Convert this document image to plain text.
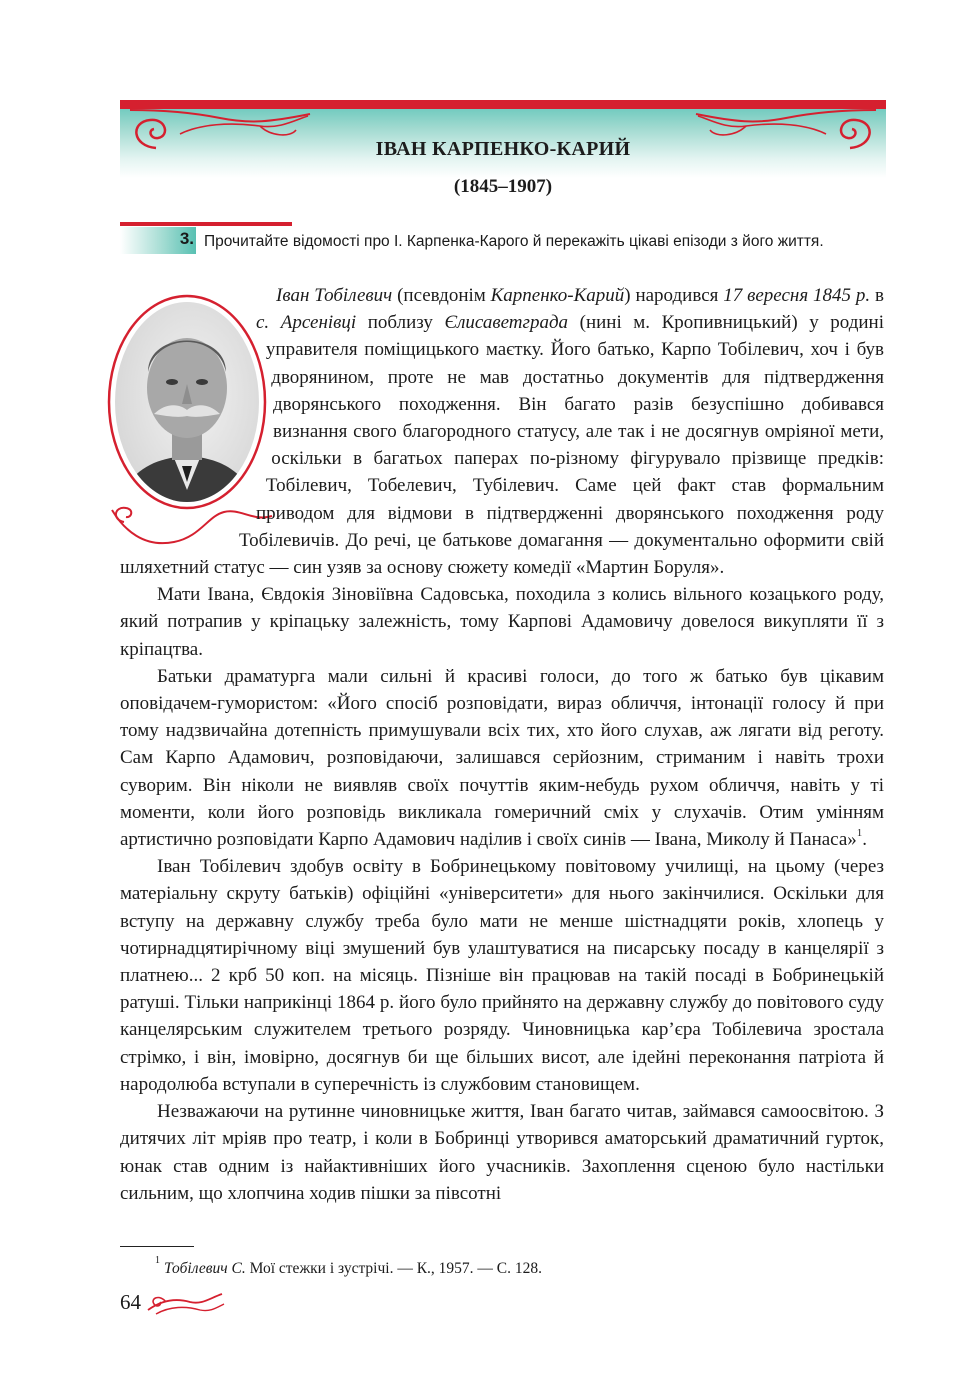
ІВАН КАРПЕНКО-КАРИЙ
(1845–1907)
3. Прочитайте відомості про І. Карпенка-Карого й перекажіть цікаві епізоди з його життя.

Іван Тобілевич (псевдонім Карпенко-Карий) народився 17 вересня 1845 р. в с. Арсенівці поблизу Єлисаветграда (нині м. Кропивницький) у родині управителя поміщицького маєтку. Його батько, Карпо Тобілевич, хоч і був дворянином, проте не мав достатньо документів для підтвердження дворянського походження. Він багато разів безуспішно добивався визнання свого благородного статусу, але так і не досягнув омріяної мети, оскільки в багатьох паперах по-різному фігурувало прізвище предків: Тобілевич, Тобелевич, Тубілевич. Саме цей факт став формальним приводом для відмови в підтвердженні дворянського походження роду Тобілевичів. До речі, це батькове домагання — документально оформити свій шляхетний статус — син узяв за основу сюжету комедії «Мартин Боруля».

Мати Івана, Євдокія Зіновіївна Садовська, походила з колись вільного козацького роду, який потрапив у кріпацьку залежність, тому Карпові Адамовичу довелося викупляти її з кріпацтва.

Батьки драматурга мали сильні й красиві голоси, до того ж батько був цікавим оповідачем-гумористом: «Його спосіб розповідати, вираз обличчя, інтонації голосу й при тому надзвичайна дотепність примушували всіх тих, хто його слухав, аж лягати від реготу. Сам Карпо Адамович, розповідаючи, залишався серйозним, стриманим і навіть трохи суворим. Він ніколи не виявляв своїх почуттів яким-небудь рухом обличчя, навіть у ті моменти, коли його розповідь викликала гомеричний сміх у слухачів. Отим умінням артистично розповідати Карпо Адамович наділив і своїх синів — Івана, Миколу й Панаса»$^1$.

Іван Тобілевич здобув освіту в Бобринецькому повітовому училищі, на цьому (через матеріальну скруту батьків) офіційні «університети» для нього закінчилися. Оскільки для вступу на державну службу треба було мати не менше шістнадцяти років, хлопець у чотирнадцятирічному віці змушений був улаштуватися на писарську посаду в канцелярії з платнею... 2 крб 50 коп. на місяць. Пізніше він працював на такій посаді в Бобринецькій ратуші. Тільки наприкінці 1864 р. його було прийнято на державну службу до повітового суду канцелярським служителем третього розряду. Чиновницька кар’єра Тобілевича зростала стрімко, і він, імовірно, досягнув би ще більших висот, але ідейні переконання патріота й народолюба вступали в суперечність із службовим становищем.

Незважаючи на рутинне чиновницьке життя, Іван багато читав, займався самоосвітою. З дитячих літ мріяв про театр, і коли в Бобринці утворився аматорський драматичний гурток, юнак став одним із найактивніших його учасників. Захоплення сценою було настільки сильним, що хлопчина ходив пішки за півсотні

$^1$ Тобілевич С. Мої стежки і зустрічі. — К., 1957. — С. 128.

64
